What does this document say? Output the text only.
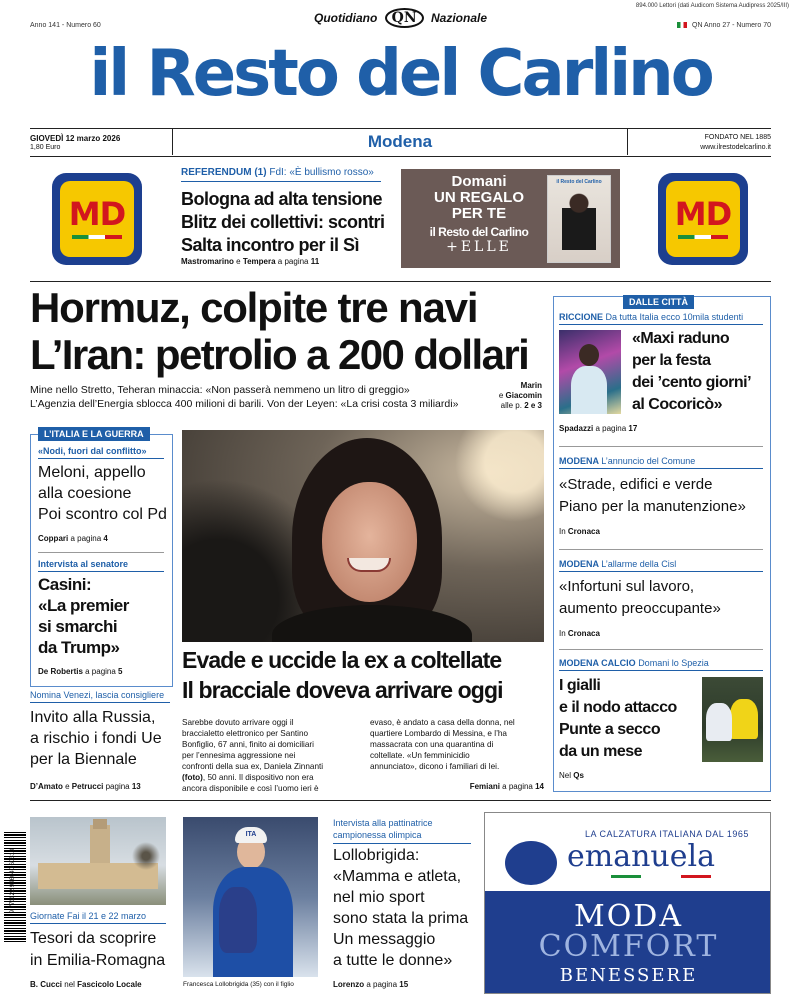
Quotidiano QN Nazionale
894.000 Lettori (dati Audicom Sistema Audipress 2025/III)
Anno 141 - Numero 60	QN Anno 27 - Numero 70
il Resto del Carlino
GIOVEDÌ 12 marzo 2026
1,80 Euro	Modena	FONDATO NEL 1885
www.ilrestodelcarlino.it
MD
REFERENDUM (1) FdI: «È bullismo rosso»
Bologna ad alta tensione
Blitz dei collettivi: scontri
Salta incontro per il Sì
Mastromarino e Tempera a pagina 11
Domani
UN REGALO
PER TE
il Resto del Carlino
+ELLE
il Resto del Carlino
MD
Hormuz, colpite tre navi
L’Iran: petrolio a 200 dollari
Mine nello Stretto, Teheran minaccia: «Non passerà nemmeno un litro di greggio»
L’Agenzia dell’Energia sblocca 400 milioni di barili. Von der Leyen: «La crisi costa 3 miliardi»
Marin
e Giacomin
alle p. 2 e 3
L’ITALIA E LA GUERRA
«Nodi, fuori dal conflitto»
Meloni, appello
alla coesione
Poi scontro col Pd
Coppari a pagina 4
Intervista al senatore
Casini:
«La premier
si smarchi
da Trump»
De Robertis a pagina 5
Nomina Venezi, lascia consigliere
Invito alla Russia,
a rischio i fondi Ue
per la Biennale
D’Amato e Petrucci pagina 13
Evade e uccide la ex a coltellate
Il bracciale doveva arrivare oggi
Sarebbe dovuto arrivare oggi il
braccialetto elettronico per Santino
Bonfiglio, 67 anni, finito ai domiciliari
per l’ennesima aggressione nei
confronti della sua ex, Daniela Zinnanti
(foto), 50 anni. Il dispositivo non era
ancora disponibile e così l’uomo ieri è
evaso, è andato a casa della donna, nel
quartiere Lombardo di Messina, e l’ha
massacrata con una quarantina di
coltellate. «Un femminicidio
annunciato», dicono i familiari di lei.
Femiani a pagina 14
DALLE CITTÀ
RICCIONE Da tutta Italia ecco 10mila studenti
«Maxi raduno
per la festa
dei ’cento giorni’
al Cocoricò»
Spadazzi a pagina 17
MODENA L’annuncio del Comune
«Strade, edifici e verde
Piano per la manutenzione»
In Cronaca
MODENA L’allarme della Cisl
«Infortuni sul lavoro,
aumento preoccupante»
In Cronaca
MODENA CALCIO Domani lo Spezia
I gialli
e il nodo attacco
Punte a secco
da un mese
Nel Qs
9 771122 996040 60310
Giornate Fai il 21 e 22 marzo
Tesori da scoprire
in Emilia-Romagna
B. Cucci nel Fascicolo Locale
ITA
Francesca Lollobrigida (35) con il figlio
Intervista alla pattinatrice
campionessa olimpica
Lollobrigida:
«Mamma e atleta,
nel mio sport
sono stata la prima
Un messaggio
a tutte le donne»
Lorenzo a pagina 15
LA CALZATURA ITALIANA DAL 1965
emanuela
MODA
COMFORT
BENESSERE
